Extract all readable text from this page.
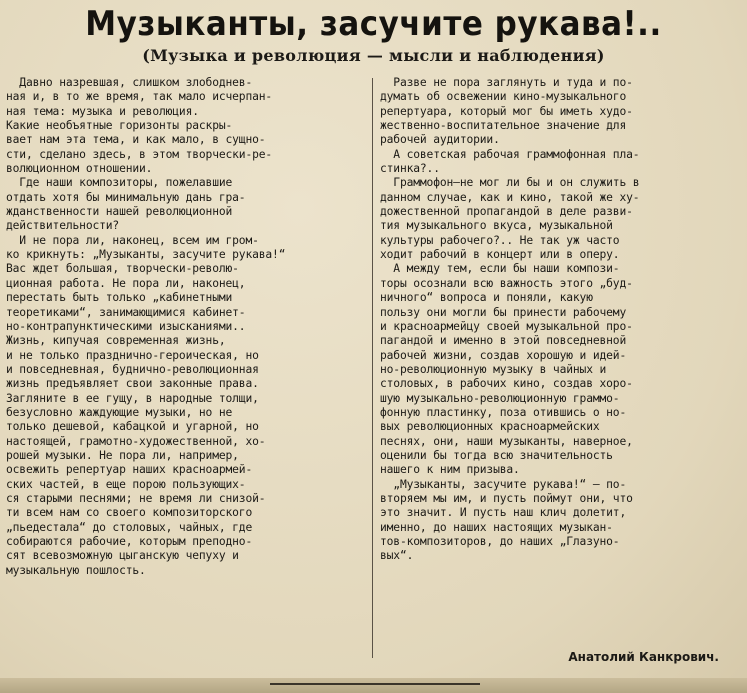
Музыканты, засучите рукава!..
(Музыка и революция — мысли и наблюдения)
Давно назревшая, слишком злободнев-
ная и, в то же время, так мало исчерпан-
ная тема: музыка и революция.
Какие необъятные горизонты раскры-
вает нам эта тема, и как мало, в сущно-
сти, сделано здесь, в этом творчески-ре-
волюционном отношении.
Где наши композиторы, пожелавшие
отдать хотя бы минимальную дань гра-
жданственности нашей революционной
действительности?
И не пора ли, наконец, всем им гром-
ко крикнуть: „Музыканты, засучите рукава!“
Вас ждет большая, творчески-револю-
ционная работа. Не пора ли, наконец,
перестать быть только „кабинетными
теоретиками“, занимающимися кабинет-
но-контрапунктическими изысканиями..
Жизнь, кипучая современная жизнь,
и не только празднично-героическая, но
и повседневная, буднично-революционная
жизнь предъявляет свои законные права.
Загляните в ее гущу, в народные толщи,
безусловно жаждующие музыки, но не
только дешевой, кабацкой и угарной, но
настоящей, грамотно-художественной, хо-
рошей музыки. Не пора ли, например,
освежить репертуар наших красноармей-
ских частей, в еще порою пользующих-
ся старыми песнями; не время ли снизой-
ти всем нам со своего композиторского
„пьедестала“ до столовых, чайных, где
собираются рабочие, которым преподно-
сят всевозможную цыганскую чепуху и
музыкальную пошлость.
Разве не пора заглянуть и туда и по-
думать об освежении кино-музыкального
репертуара, который мог бы иметь худо-
жественно-воспитательное значение для
рабочей аудитории.
А советская рабочая граммофонная пла-
стинка?..
Граммофон—не мог ли бы и он служить в
данном случае, как и кино, такой же ху-
дожественной пропагандой в деле разви-
тия музыкального вкуса, музыкальной
культуры рабочего?.. Не так уж часто
ходит рабочий в концерт или в оперу.
А между тем, если бы наши компози-
торы осознали всю важность этого „буд-
ничного“ вопроса и поняли, какую
пользу они могли бы принести рабочему
и красноармейцу своей музыкальной про-
пагандой и именно в этой повседневной
рабочей жизни, создав хорошую и идей-
но-революционную музыку в чайных и
столовых, в рабочих кино, создав хоро-
шую музыкально-революционную граммо-
фонную пластинку, поза отившись о но-
вых революционных красноармейских
песнях, они, наши музыканты, наверное,
оценили бы тогда всю значительность
нашего к ним призыва.
„Музыканты, засучите рукава!“ — по-
вторяем мы им, и пусть поймут они, что
это значит. И пусть наш клич долетит,
именно, до наших настоящих музыкан-
тов-композиторов, до наших „Глазуно-
вых“.
Анатолий Канкрович.
